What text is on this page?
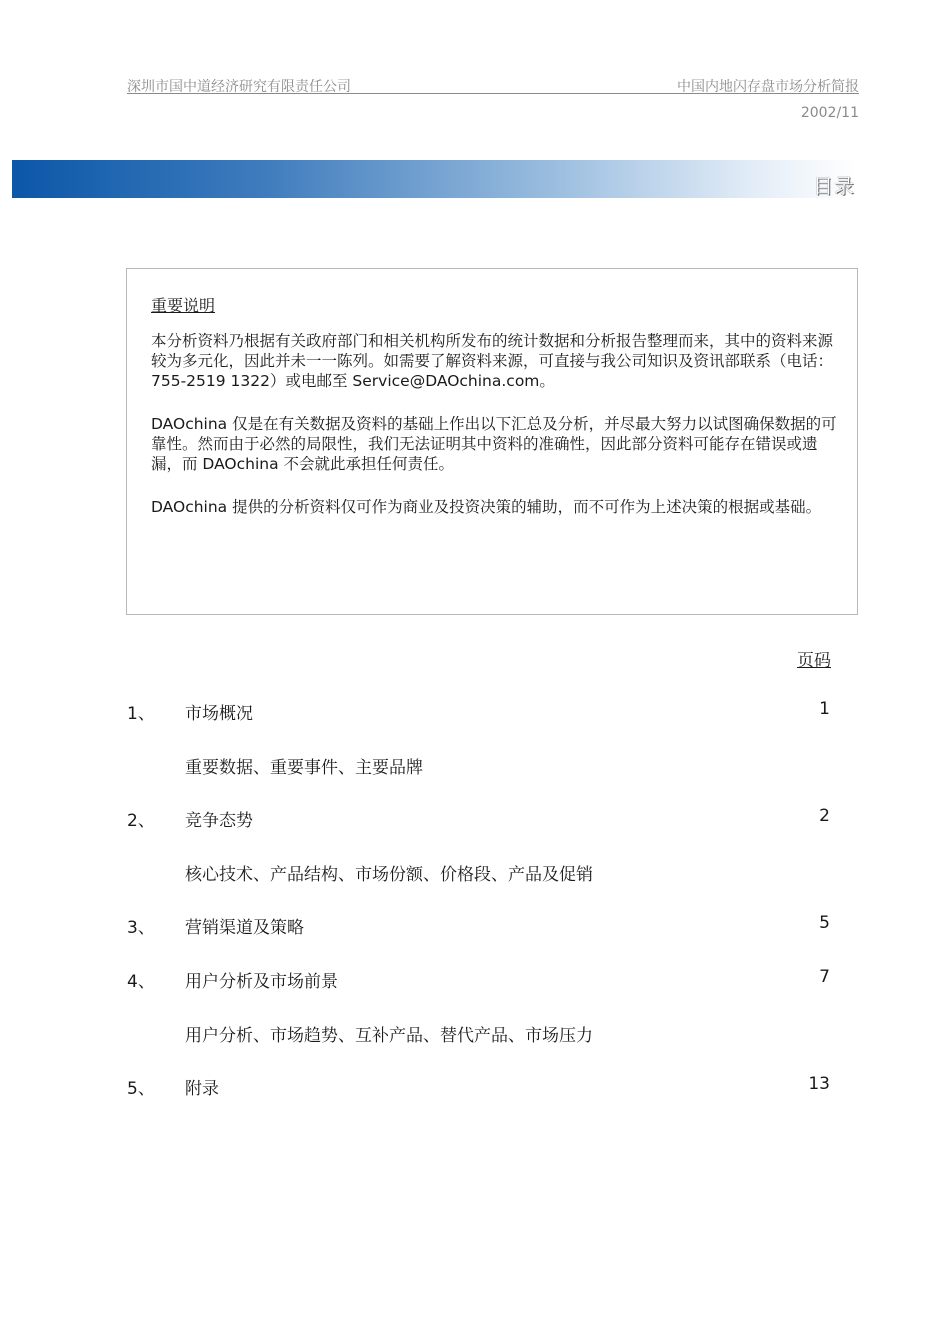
深圳市国中道经济研究有限责任公司	中国内地闪存盘市场分析简报
2002/11
目录
重要说明

本分析资料乃根据有关政府部门和相关机构所发布的统计数据和分析报告整理而来，其中的资料来源较为多元化，因此并未一一陈列。如需要了解资料来源，可直接与我公司知识及资讯部联系（电话：755-2519 1322）或电邮至 Service@DAOchina.com。

DAOchina 仅是在有关数据及资料的基础上作出以下汇总及分析，并尽最大努力以试图确保数据的可靠性。然而由于必然的局限性，我们无法证明其中资料的准确性，因此部分资料可能存在错误或遗漏，而 DAOchina 不会就此承担任何责任。

DAOchina 提供的分析资料仅可作为商业及投资决策的辅助，而不可作为上述决策的根据或基础。

页码
1、 市场概况	1
重要数据、重要事件、主要品牌
2、 竞争态势	2
核心技术、产品结构、市场份额、价格段、产品及促销
3、 营销渠道及策略	5
4、 用户分析及市场前景	7
用户分析、市场趋势、互补产品、替代产品、市场压力
5、 附录	13
